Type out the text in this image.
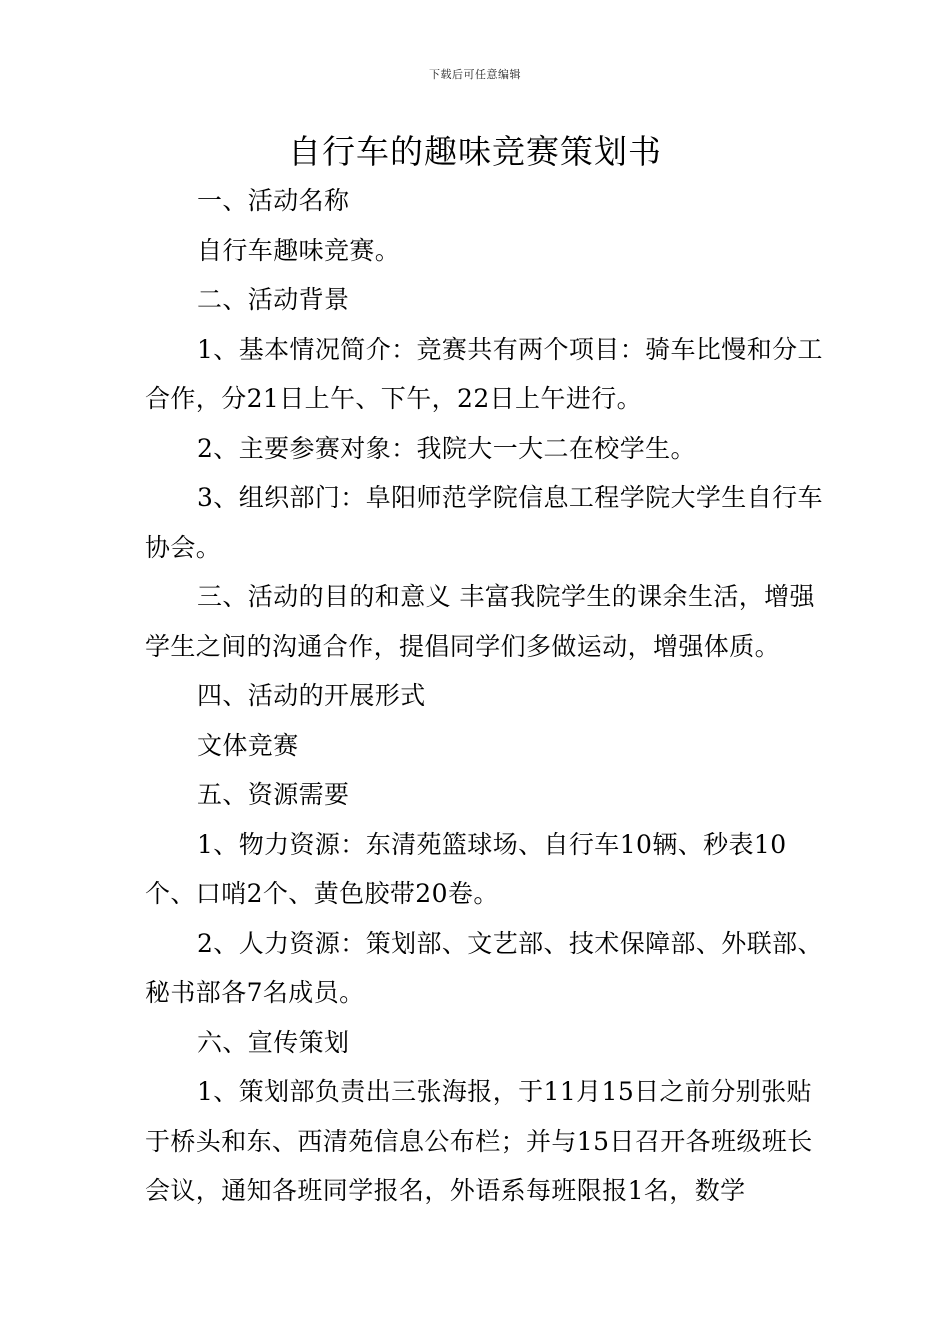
下载后可任意编辑
自行车的趣味竞赛策划书

一、活动名称

自行车趣味竞赛。

二、活动背景

1、基本情况简介：竞赛共有两个项目：骑车比慢和分工合作，分21日上午、下午，22日上午进行。

2、主要参赛对象：我院大一大二在校学生。

3、组织部门：阜阳师范学院信息工程学院大学生自行车协会。

三、活动的目的和意义 丰富我院学生的课余生活，增强学生之间的沟通合作，提倡同学们多做运动，增强体质。

四、活动的开展形式

文体竞赛

五、资源需要

1、物力资源：东清苑篮球场、自行车10辆、秒表10个、口哨2个、黄色胶带20卷。

2、人力资源：策划部、文艺部、技术保障部、外联部、秘书部各7名成员。

六、宣传策划

1、策划部负责出三张海报，于11月15日之前分别张贴于桥头和东、西清苑信息公布栏；并与15日召开各班级班长会议，通知各班同学报名，外语系每班限报1名，数学
